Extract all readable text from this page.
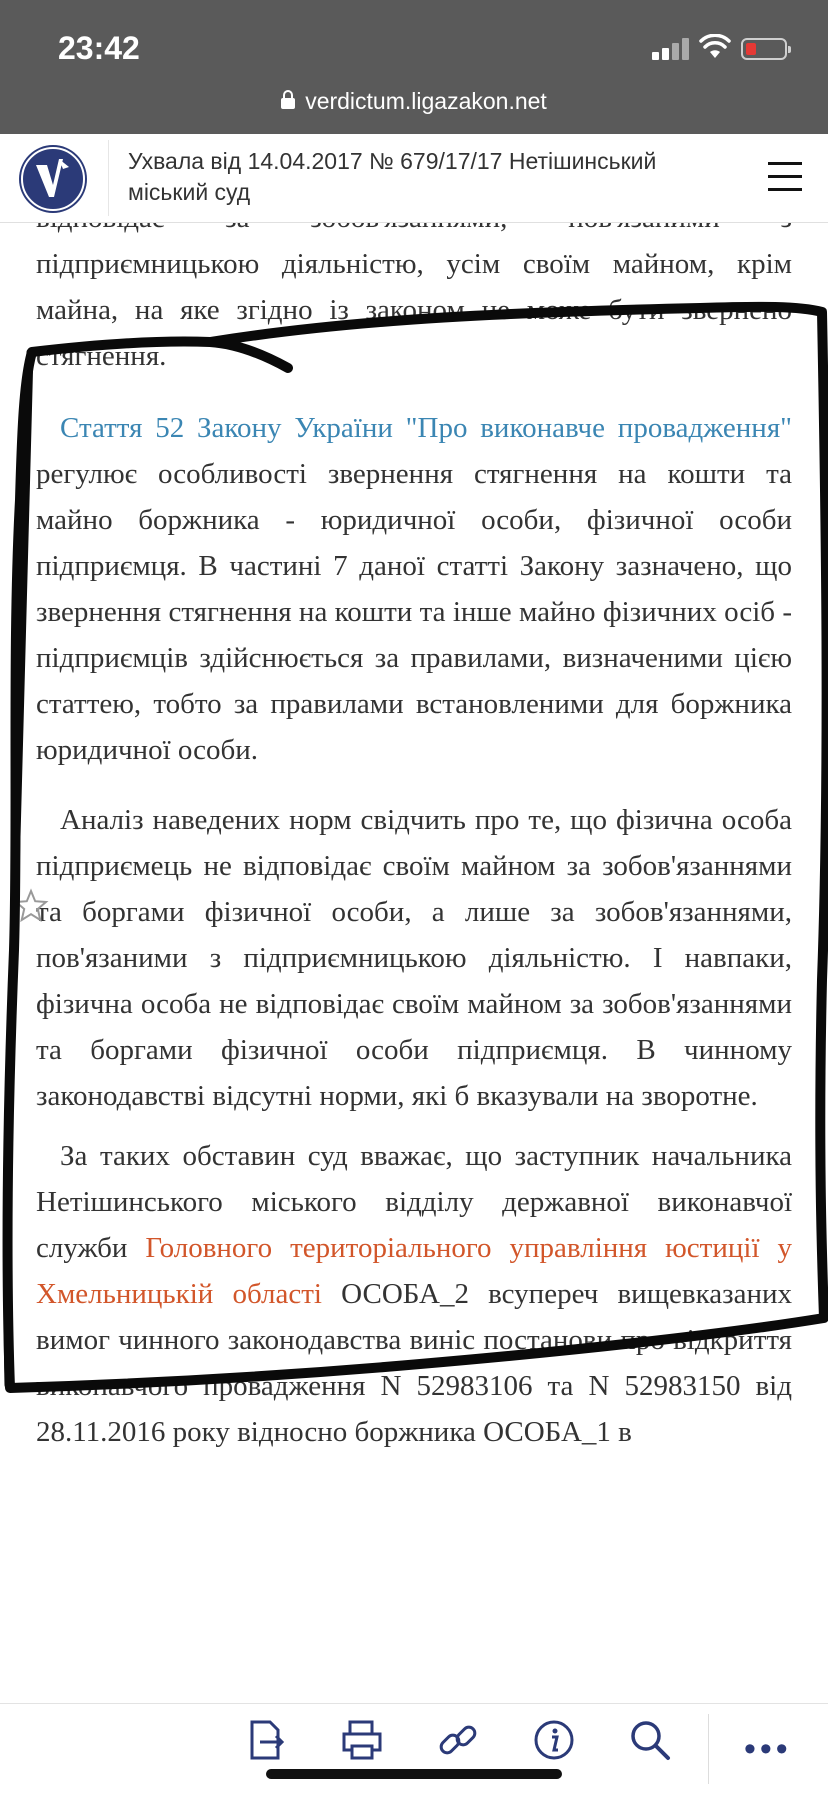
23:42
verdictum.ligazakon.net
Ухвала від 14.04.2017 № 679/17/17 Нетішинський міський суд

підприємницькою діяльністю, усім своїм майном, крім майна, на яке згідно із законом не може бути звернено стягнення.

Стаття 52 Закону України "Про виконавче провадження" регулює особливості звернення стягнення на кошти та майно боржника - юридичної особи, фізичної особи підприємця. В частині 7 даної статті Закону зазначено, що звернення стягнення на кошти та інше майно фізичних осіб - підприємців здійснюється за правилами, визначеними цією статтею, тобто за правилами встановленими для боржника юридичної особи.

Аналіз наведених норм свідчить про те, що фізична особа підприємець не відповідає своїм майном за зобов'язаннями та боргами фізичної особи, а лише за зобов'язаннями, пов'язаними з підприємницькою діяльністю. І навпаки, фізична особа не відповідає своїм майном за зобов'язаннями та боргами фізичної особи підприємця. В чинному законодавстві відсутні норми, які б вказували на зворотне.

За таких обставин суд вважає, що заступник начальника Нетішинського міського відділу державної виконавчої служби Головного територіального управління юстиції у Хмельницькій області ОСОБА_2 всупереч вищевказаних вимог чинного законодавства виніс постанови про відкриття виконавчого провадження N 52983106 та N 52983150 від 28.11.2016 року відносно боржника ОСОБА_1 в

•••
